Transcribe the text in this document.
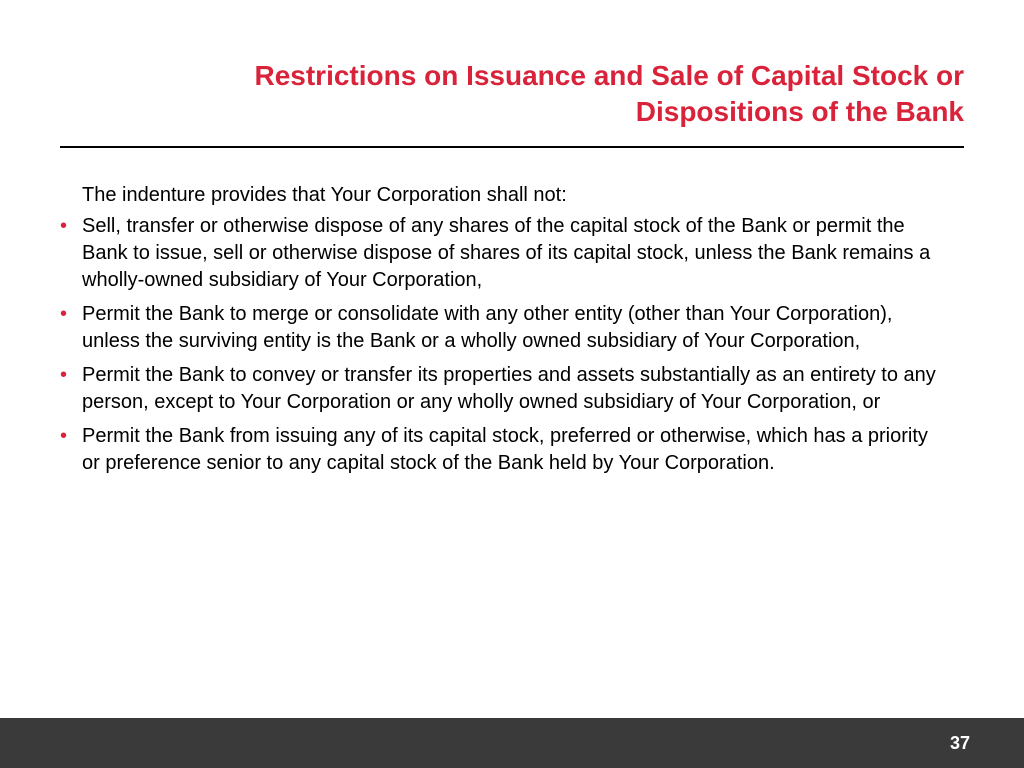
Restrictions on Issuance and Sale of Capital Stock or
Dispositions of the Bank

The indenture provides that Your Corporation shall not:

• Sell, transfer or otherwise dispose of any shares of the capital stock of the Bank or permit the Bank to issue, sell or otherwise dispose of shares of its capital stock, unless the Bank remains a wholly-owned subsidiary of Your Corporation,
• Permit the Bank to merge or consolidate with any other entity (other than Your Corporation), unless the surviving entity is the Bank or a wholly owned subsidiary of Your Corporation,
• Permit the Bank to convey or transfer its properties and assets substantially as an entirety to any person, except to Your Corporation or any wholly owned subsidiary of Your Corporation, or
• Permit the Bank from issuing any of its capital stock, preferred or otherwise, which has a priority or preference senior to any capital stock of the Bank held by Your Corporation.
37
